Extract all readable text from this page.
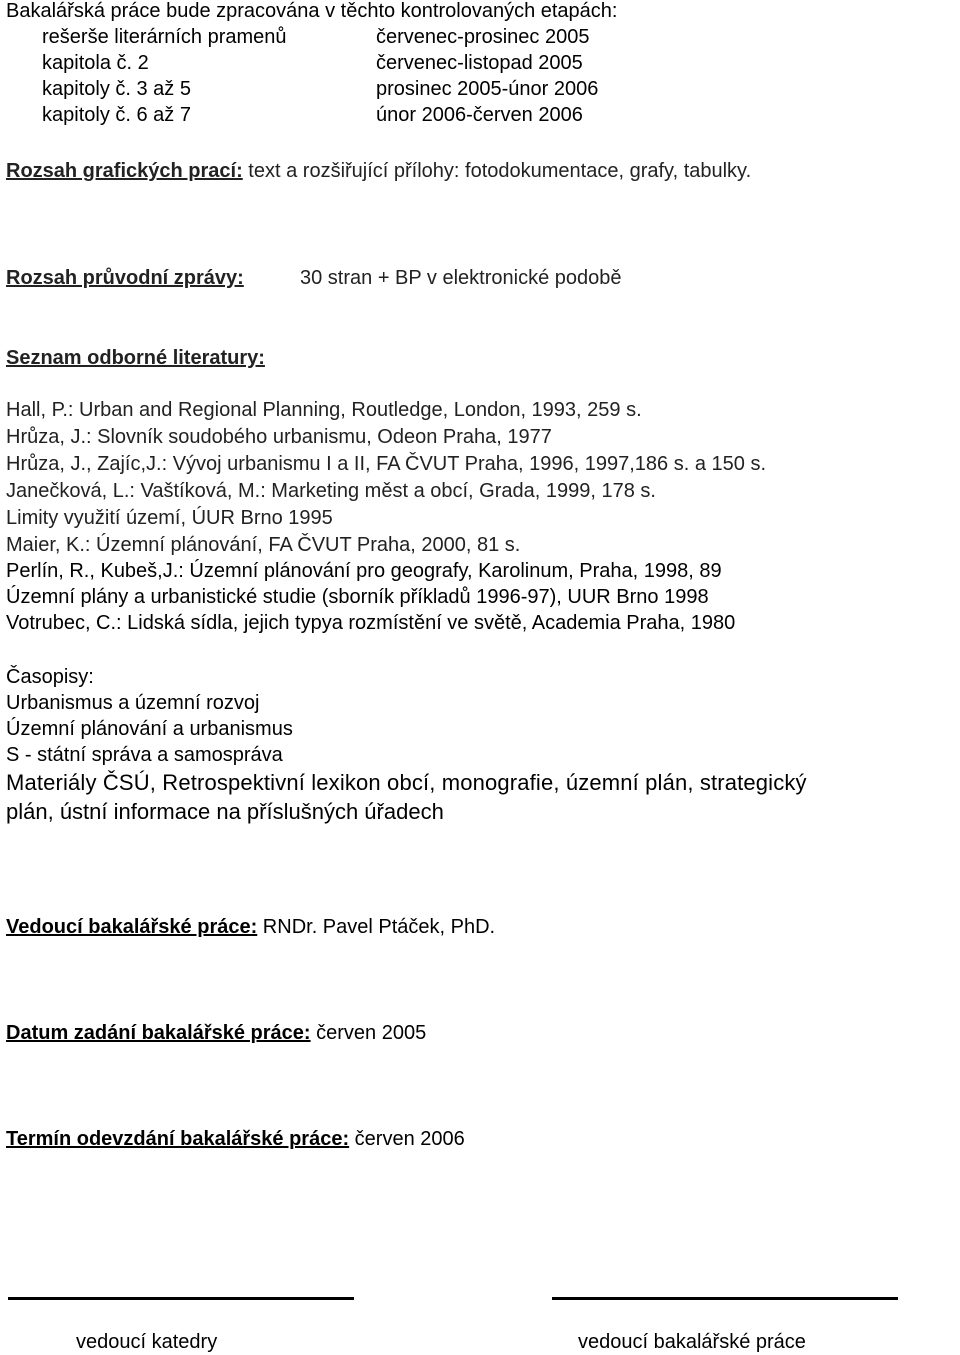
Bakalářská práce bude zpracována v těchto kontrolovaných etapách:
rešerše literárních pramenů	červenec-prosinec 2005
kapitola č. 2	červenec-listopad 2005
kapitoly č. 3 až 5	prosinec 2005-únor 2006
kapitoly č. 6 až 7	únor 2006-červen 2006
Rozsah grafických prací: text a rozšiřující přílohy: fotodokumentace, grafy, tabulky.
Rozsah průvodní zprávy:	30 stran + BP v elektronické podobě
Seznam odborné literatury:
Hall, P.: Urban and Regional Planning, Routledge, London, 1993, 259 s.
Hrůza, J.: Slovník soudobého urbanismu, Odeon Praha, 1977
Hrůza, J., Zajíc,J.: Vývoj urbanismu I a II, FA ČVUT Praha, 1996, 1997,186 s. a 150 s.
Janečková, L.: Vaštíková, M.: Marketing měst a obcí, Grada, 1999, 178 s.
Limity využití území, ÚUR Brno 1995
Maier, K.: Územní plánování, FA ČVUT Praha, 2000, 81 s.
Perlín, R., Kubeš,J.: Územní plánování pro geografy, Karolinum, Praha, 1998, 89
Územní plány a urbanistické studie (sborník příkladů 1996-97), UUR Brno 1998
Votrubec, C.: Lidská sídla, jejich typya rozmístění ve světě, Academia Praha, 1980
Časopisy:
Urbanismus a územní rozvoj
Územní plánování a urbanismus
S - státní správa a samospráva
Materiály ČSÚ, Retrospektivní lexikon obcí, monografie, územní plán, strategický
plán, ústní informace na příslušných úřadech
Vedoucí bakalářské práce: RNDr. Pavel Ptáček, PhD.
Datum zadání bakalářské práce: červen 2005
Termín odevzdání bakalářské práce: červen 2006
vedoucí katedry	vedoucí bakalářské práce
